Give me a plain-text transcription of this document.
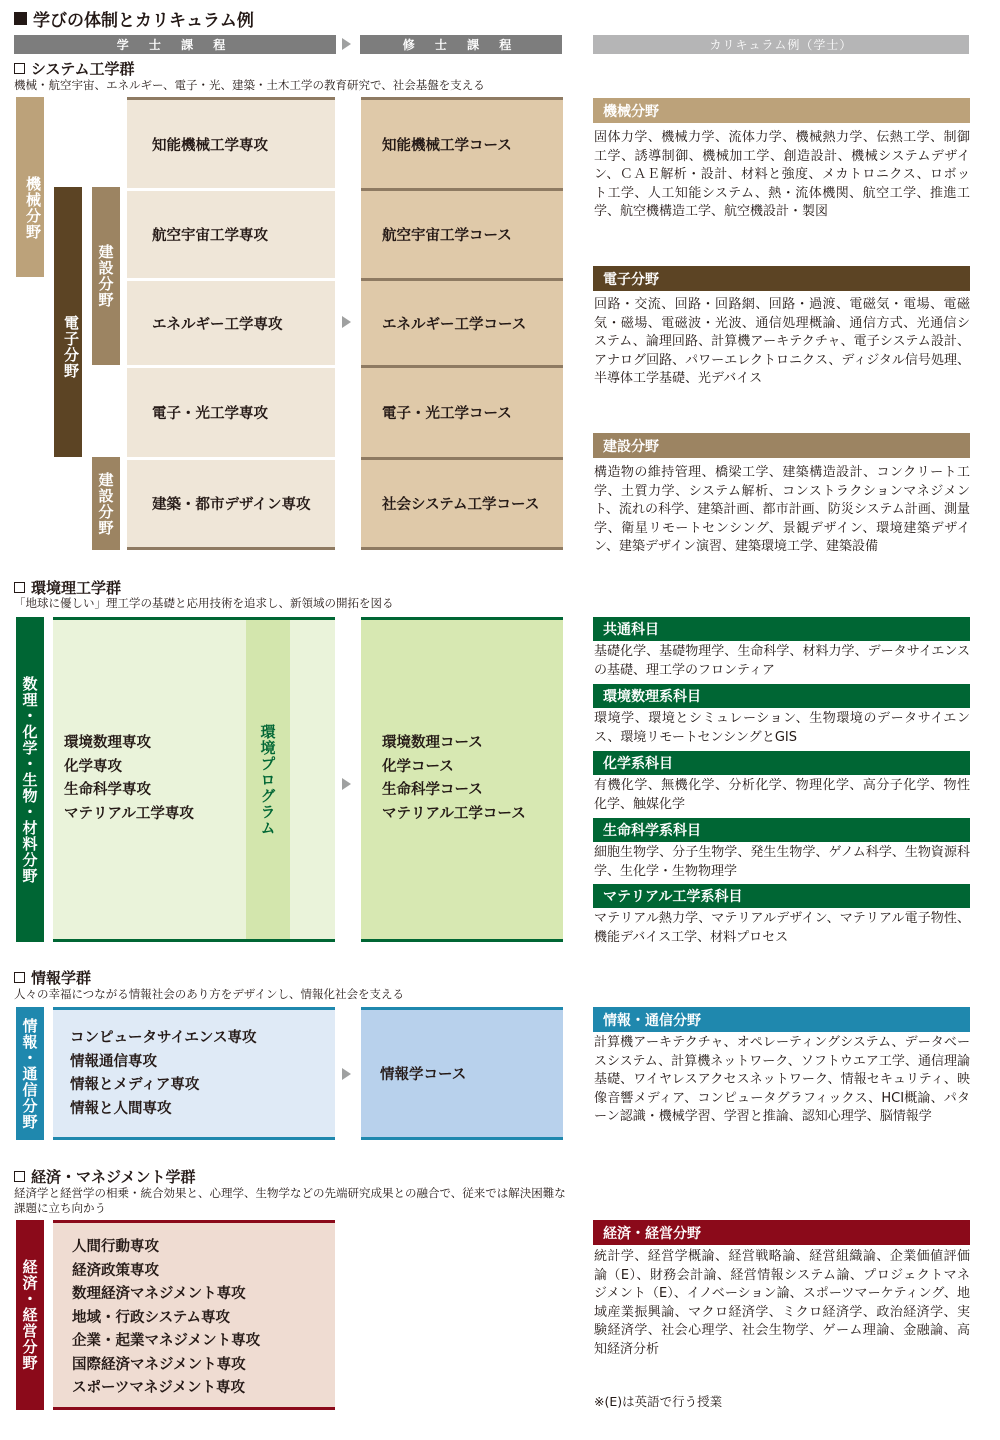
学びの体制とカリキュラム例
学 士 課 程	修 士 課 程	カリキュラム例（学士）
システム工学群
機械・航空宇宙、エネルギー、電子・光、建築・土木工学の教育研究で、社会基盤を支える
機械分野
電子分野
建設分野
建設分野
知能機械工学専攻
航空宇宙工学専攻
エネルギー工学専攻
電子・光工学専攻
建築・都市デザイン専攻
知能機械工学コース
航空宇宙工学コース
エネルギー工学コース
電子・光工学コース
社会システム工学コース
機械分野
固体力学、機械力学、流体力学、機械熱力学、伝熱工学、制御工学、誘導制御、機械加工学、創造設計、機械システムデザイン、ＣＡＥ解析・設計、材料と強度、メカトロニクス、ロボット工学、人工知能システム、熱・流体機関、航空工学、推進工学、航空機構造工学、航空機設計・製図
電子分野
回路・交流、回路・回路網、回路・過渡、電磁気・電場、電磁気・磁場、電磁波・光波、通信処理概論、通信方式、光通信システム、論理回路、計算機アーキテクチャ、電子システム設計、アナログ回路、パワーエレクトロニクス、ディジタル信号処理、半導体工学基礎、光デバイス
建設分野
構造物の維持管理、橋梁工学、建築構造設計、コンクリート工学、土質力学、システム解析、コンストラクションマネジメント、流れの科学、建築計画、都市計画、防災システム計画、測量学、衛星リモートセンシング、景観デザイン、環境建築デザイン、建築デザイン演習、建築環境工学、建築設備
環境理工学群
「地球に優しい」理工学の基礎と応用技術を追求し、新領域の開拓を図る
数理・化学・生物・材料分野	環境プログラム
環境数理専攻
化学専攻
生命科学専攻
マテリアル工学専攻
環境数理コース
化学コース
生命科学コース
マテリアル工学コース
共通科目
基礎化学、基礎物理学、生命科学、材料力学、データサイエンスの基礎、理工学のフロンティア
環境数理系科目
環境学、環境とシミュレーション、生物環境のデータサイエンス、環境リモートセンシングとGIS
化学系科目
有機化学、無機化学、分析化学、物理化学、高分子化学、物性化学、触媒化学
生命科学系科目
細胞生物学、分子生物学、発生生物学、ゲノム科学、生物資源科学、生化学・生物物理学
マテリアル工学系科目
マテリアル熱力学、マテリアルデザイン、マテリアル電子物性、機能デバイス工学、材料プロセス
情報学群
人々の幸福につながる情報社会のあり方をデザインし、情報化社会を支える
情報・通信分野	コンピュータサイエンス専攻
情報通信専攻
情報とメディア専攻
情報と人間専攻
情報学コース
情報・通信分野
計算機アーキテクチャ、オペレーティングシステム、データベースシステム、計算機ネットワーク、ソフトウエア工学、通信理論基礎、ワイヤレスアクセスネットワーク、情報セキュリティ、映像音響メディア、コンピュータグラフィックス、HCI概論、パターン認識・機械学習、学習と推論、認知心理学、脳情報学
経済・マネジメント学群
経済学と経営学の相乗・統合効果と、心理学、生物学などの先端研究成果との融合で、従来では解決困難な課題に立ち向かう
経済・経営分野
人間行動専攻
経済政策専攻
数理経済マネジメント専攻
地域・行政システム専攻
企業・起業マネジメント専攻
国際経済マネジメント専攻
スポーツマネジメント専攻
経済・経営分野
統計学、経営学概論、経営戦略論、経営組織論、企業価値評価論（E）、財務会計論、経営情報システム論、プロジェクトマネジメント（E）、イノベーション論、スポーツマーケティング、地域産業振興論、マクロ経済学、ミクロ経済学、政治経済学、実験経済学、社会心理学、社会生物学、ゲーム理論、金融論、高知経済分析
※(E)は英語で行う授業
